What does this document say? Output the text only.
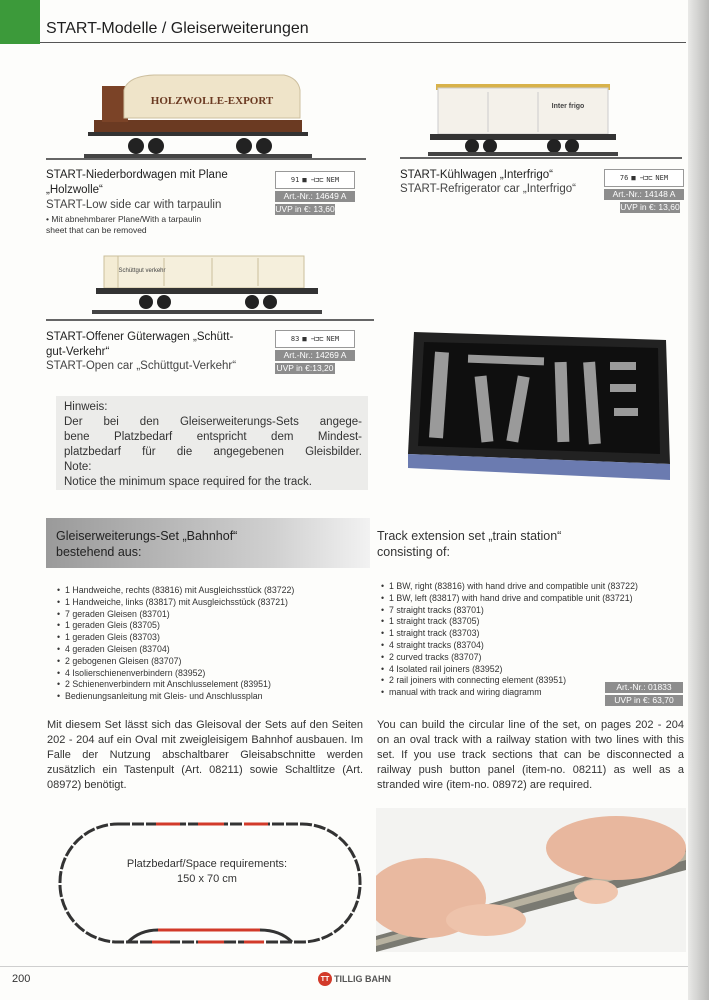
START-Modelle / Gleiserweiterungen
HOLZWOLLE-EXPORT
START-Niederbordwagen mit Plane
„Holzwolle“
START-Low side car with tarpaulin
• Mit abnehmbarer Plane/With a tarpaulin sheet that can be removed
91 ■ ⊣⊐⊏ NEM
Art.-Nr.: 14649 A
UVP in €: 13,60
Inter frigo
START-Kühlwagen „Interfrigo“
START-Refrigerator car „Interfrigo“
76 ■ ⊣⊐⊏ NEM
Art.-Nr.: 14148 A
UVP in €: 13,60
Schüttgut verkehr
START-Offener Güterwagen „Schütt-
gut-Verkehr“
START-Open car „Schüttgut-Verkehr“
83 ■ ⊣⊐⊏ NEM
Art.-Nr.: 14269 A
UVP in €:13,20
Hinweis:
Der bei den Gleiserweiterungs-Sets angege-
bene Platzbedarf entspricht dem Mindest-
platzbedarf für die angegebenen Gleisbilder.
Note:
Notice the minimum space required for the track.
Gleiserweiterungs-Set „Bahnhof“
bestehend aus:
Track extension set „train station“
consisting of:
• 1 Handweiche, rechts (83816) mit Ausgleichsstück (83722)
• 1 Handweiche, links (83817) mit Ausgleichsstück (83721)
• 7 geraden Gleisen (83701)
• 1 geraden Gleis (83705)
• 1 geraden Gleis (83703)
• 4 geraden Gleisen (83704)
• 2 gebogenen Gleisen (83707)
• 4 Isolierschienenverbindern (83952)
• 2 Schienenverbindern mit Anschlusselement (83951)
• Bedienungsanleitung mit Gleis- und Anschlussplan
• 1 BW, right (83816) with hand drive and compatible unit (83722)
• 1 BW, left (83817) with hand drive and compatible unit (83721)
• 7 straight tracks (83701)
• 1 straight track (83705)
• 1 straight track (83703)
• 4 straight tracks (83704)
• 2 curved tracks (83707)
• 4 Isolated rail joiners (83952)
• 2 rail joiners with connecting element (83951)
• manual with track and wiring diagramm
Art.-Nr.: 01833
UVP in €: 63,70
Mit diesem Set lässt sich das Gleisoval der Sets auf den Seiten 202 - 204 auf ein Oval mit zweigleisigem Bahnhof ausbauen. Im Falle der Nutzung abschaltbarer Gleisabschnitte werden zusätzlich ein Tastenpult (Art. 08211) sowie Schaltlitze (Art. 08972) benötigt.
You can build the circular line of the set, on pages 202 - 204 on an oval track with a railway station with two lines with this set. If you use track sections that can be disconnected a railway push button panel (item-no. 08211) as well as a stranded wire (item-no. 08972) are required.
Platzbedarf/Space requirements:
150 x 70 cm
200	TT TILLIG BAHN
